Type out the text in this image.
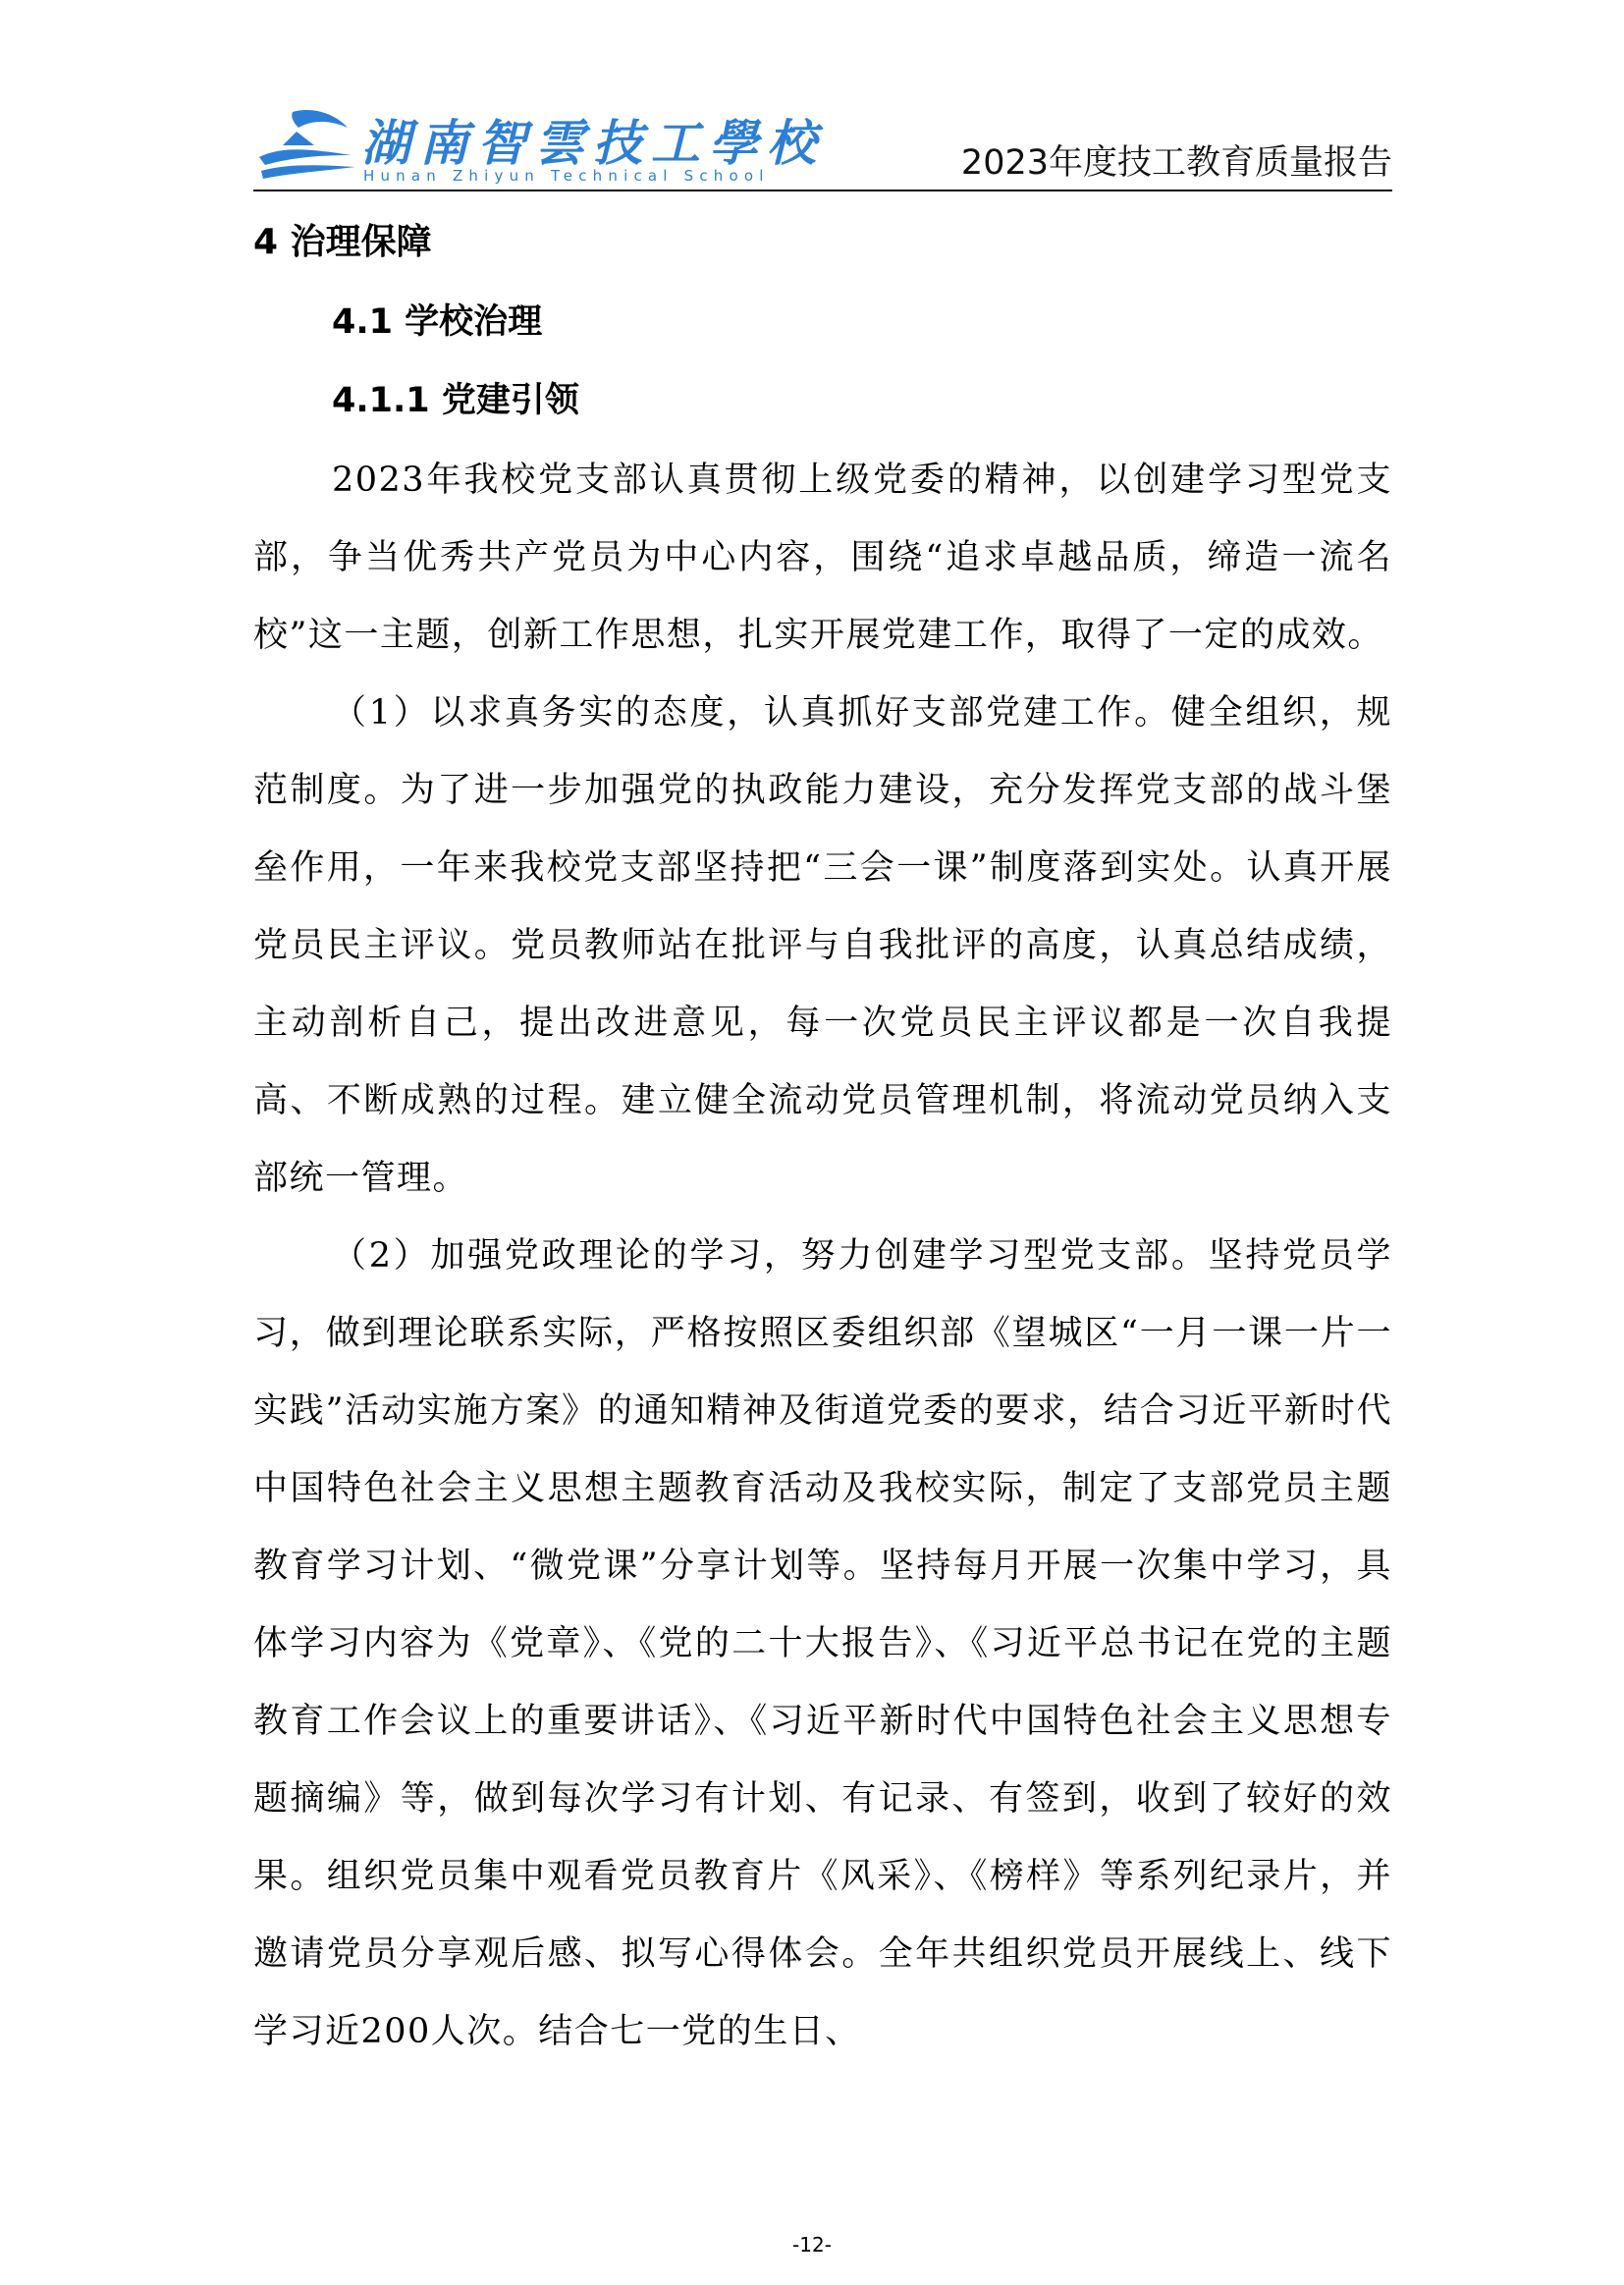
湖南智雲技工學校
Hunan Zhiyun Technical School	2023年度技工教育质量报告
4 治理保障
4.1 学校治理
4.1.1 党建引领

2023年我校党支部认真贯彻上级党委的精神，以创建学习型党支部，争当优秀共产党员为中心内容，围绕“追求卓越品质，缔造一流名校”这一主题，创新工作思想，扎实开展党建工作，取得了一定的成效。

（1）以求真务实的态度，认真抓好支部党建工作。健全组织，规范制度。为了进一步加强党的执政能力建设，充分发挥党支部的战斗堡垒作用，一年来我校党支部坚持把“三会一课”制度落到实处。认真开展党员民主评议。党员教师站在批评与自我批评的高度，认真总结成绩，主动剖析自己，提出改进意见，每一次党员民主评议都是一次自我提高、不断成熟的过程。建立健全流动党员管理机制，将流动党员纳入支部统一管理。

（2）加强党政理论的学习，努力创建学习型党支部。坚持党员学习，做到理论联系实际，严格按照区委组织部《望城区“一月一课一片一实践”活动实施方案》的通知精神及街道党委的要求，结合习近平新时代中国特色社会主义思想主题教育活动及我校实际，制定了支部党员主题教育学习计划、“微党课”分享计划等。坚持每月开展一次集中学习，具体学习内容为《党章》、《党的二十大报告》、《习近平总书记在党的主题教育工作会议上的重要讲话》、《习近平新时代中国特色社会主义思想专题摘编》等，做到每次学习有计划、有记录、有签到，收到了较好的效果。组织党员集中观看党员教育片《风采》、《榜样》等系列纪录片，并邀请党员分享观后感、拟写心得体会。全年共组织党员开展线上、线下学习近200人次。结合七一党的生日、

-12-
